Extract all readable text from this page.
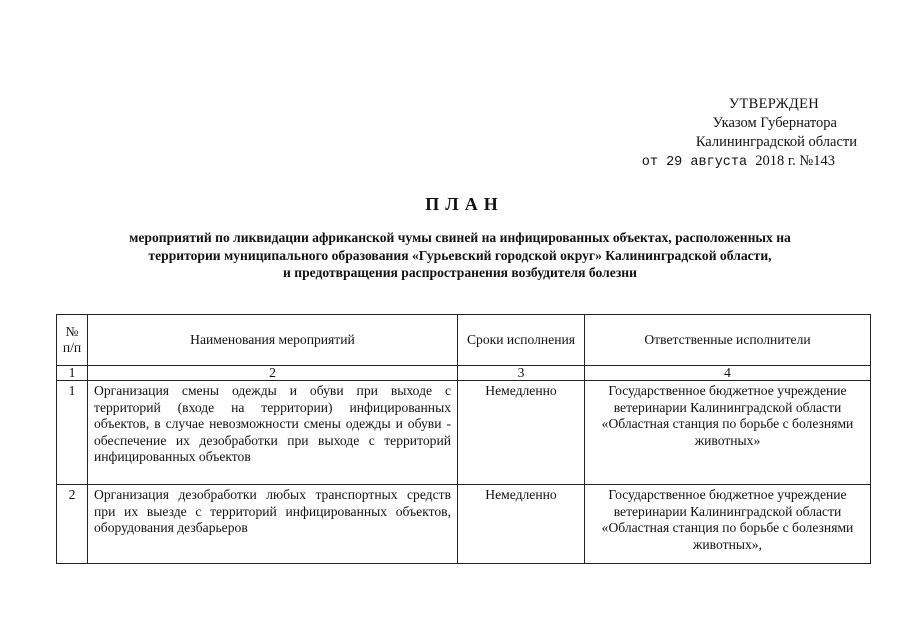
УТВЕРЖДЕН
Указом Губернатора
Калининградской области
от 29 августа 2018 г. №143
ПЛАН
мероприятий по ликвидации африканской чумы свиней на инфицированных объектах, расположенных на
территории муниципального образования «Гурьевский городской округ» Калининградской области,
и предотвращения распространения возбудителя болезни
№ п/п	Наименования мероприятий	Сроки исполнения	Ответственные исполнители
1	2	3	4
1	Организация смены одежды и обуви при выходе с территорий (входе на территории) инфицированных объектов, в случае невозможности смены одежды и обуви - обеспечение их дезобработки при выходе с территорий инфицированных объектов	Немедленно	Государственное бюджетное учреждение ветеринарии Калининградской области «Областная станция по борьбе с болезнями животных»
2	Организация дезобработки любых транспортных средств при их выезде с территорий инфицированных объектов, оборудования дезбарьеров	Немедленно	Государственное бюджетное учреждение ветеринарии Калининградской области «Областная станция по борьбе с болезнями животных»,
